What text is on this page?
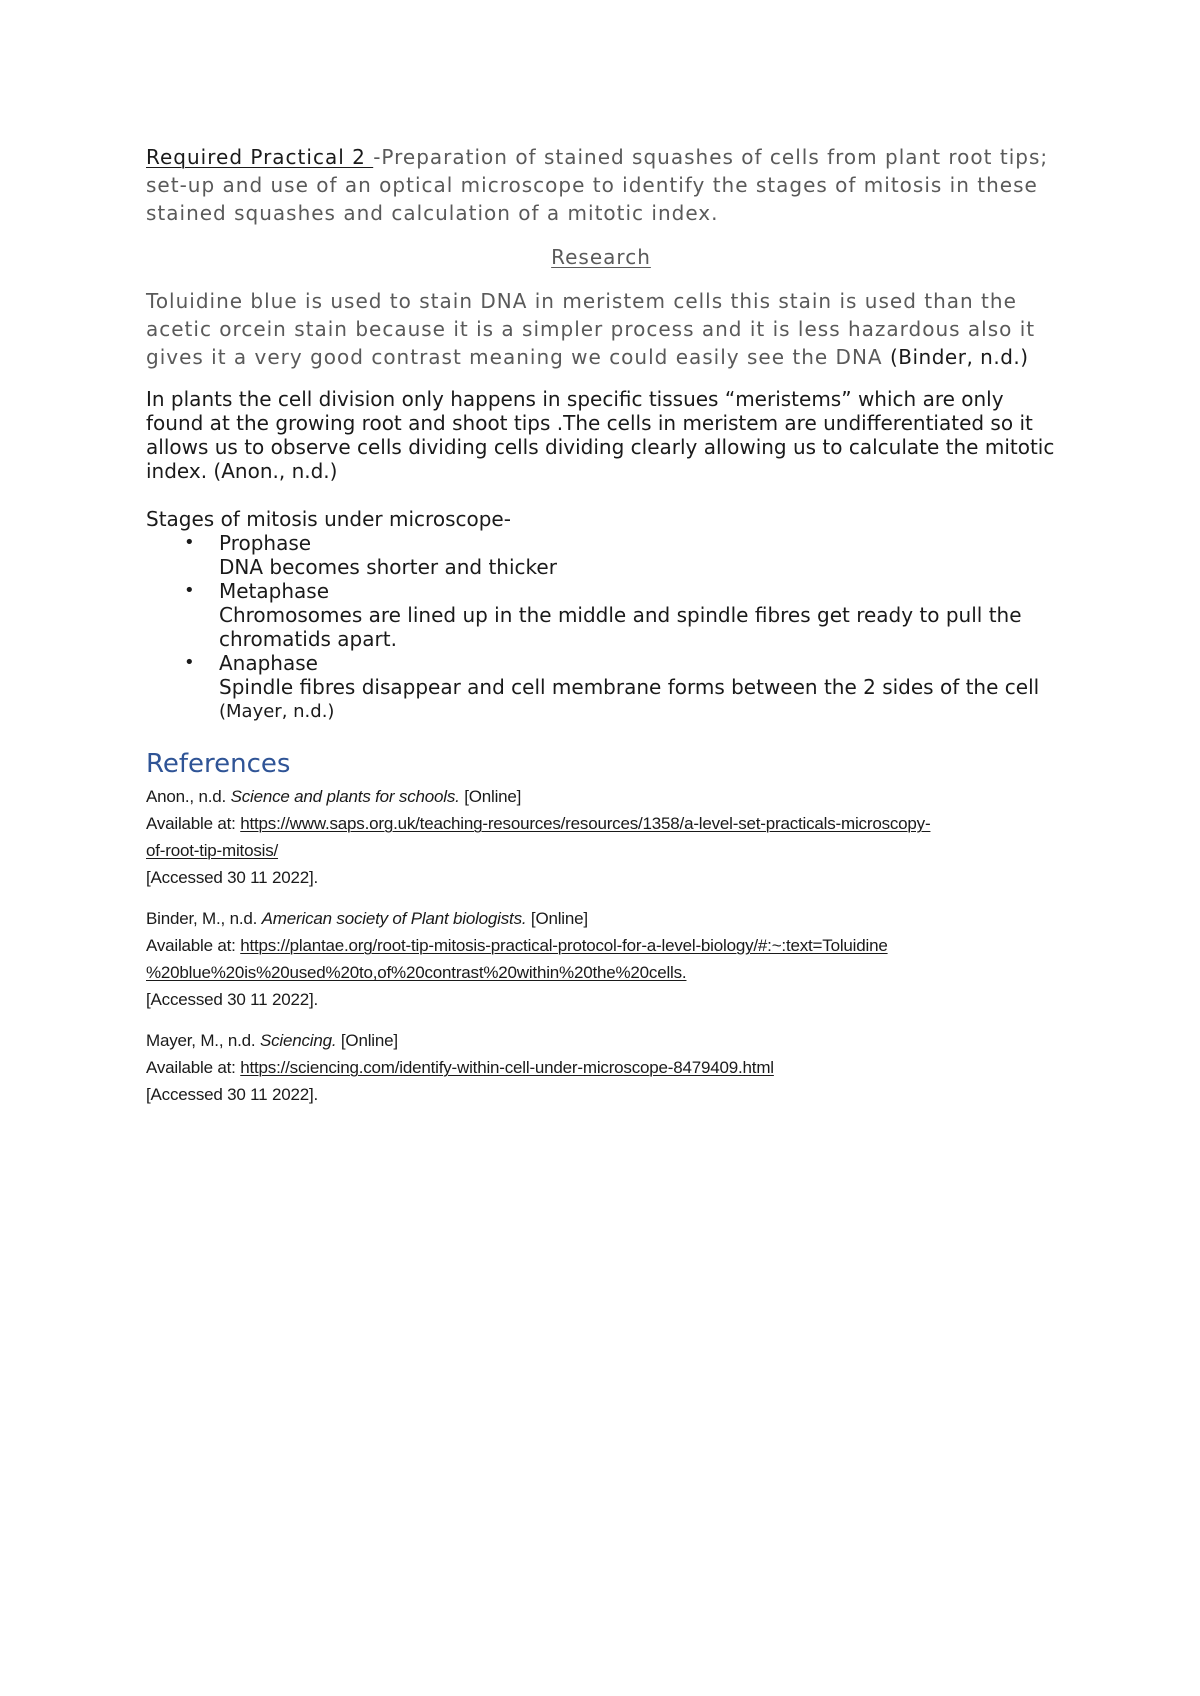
Required Practical 2 -Preparation of stained squashes of cells from plant root tips; set-up and use of an optical microscope to identify the stages of mitosis in these stained squashes and calculation of a mitotic index.

Research

Toluidine blue is used to stain DNA in meristem cells this stain is used than the acetic orcein stain because it is a simpler process and it is less hazardous also it gives it a very good contrast meaning we could easily see the DNA (Binder, n.d.)

In plants the cell division only happens in specific tissues “meristems” which are only found at the growing root and shoot tips .The cells in meristem are undifferentiated so it allows us to observe cells dividing cells dividing clearly allowing us to calculate the mitotic index. (Anon., n.d.)

Stages of mitosis under microscope-

• Prophase
DNA becomes shorter and thicker
• Metaphase
Chromosomes are lined up in the middle and spindle fibres get ready to pull the chromatids apart.
• Anaphase
Spindle fibres disappear and cell membrane forms between the 2 sides of the cell
(Mayer, n.d.)
References
Anon., n.d. Science and plants for schools. [Online]
Available at: https://www.saps.org.uk/teaching-resources/resources/1358/a-level-set-practicals-microscopy-
of-root-tip-mitosis/
[Accessed 30 11 2022].
Binder, M., n.d. American society of Plant biologists. [Online]
Available at: https://plantae.org/root-tip-mitosis-practical-protocol-for-a-level-biology/#:~:text=Toluidine
%20blue%20is%20used%20to,of%20contrast%20within%20the%20cells.
[Accessed 30 11 2022].
Mayer, M., n.d. Sciencing. [Online]
Available at: https://sciencing.com/identify-within-cell-under-microscope-8479409.html
[Accessed 30 11 2022].
